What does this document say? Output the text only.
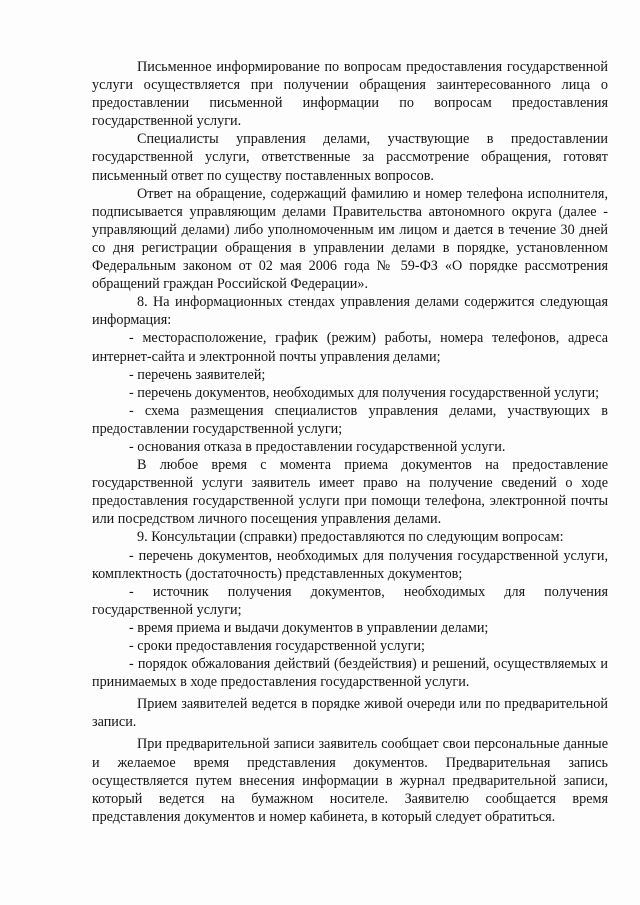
Письменное информирование по вопросам предоставления государственной услуги осуществляется при получении обращения заинтересованного лица о предоставлении письменной информации по вопросам предоставления государственной услуги.

Специалисты управления делами, участвующие в предоставлении государственной услуги, ответственные за рассмотрение обращения, готовят письменный ответ по существу поставленных вопросов.

Ответ на обращение, содержащий фамилию и номер телефона исполнителя, подписывается управляющим делами Правительства автономного округа (далее - управляющий делами) либо уполномоченным им лицом и дается в течение 30 дней со дня регистрации обращения в управлении делами в порядке, установленном Федеральным законом от 02 мая 2006 года № 59-ФЗ «О порядке рассмотрения обращений граждан Российской Федерации».

8. На информационных стендах управления делами содержится следующая информация:

- месторасположение, график (режим) работы, номера телефонов, адреса интернет-сайта и электронной почты управления делами;

- перечень заявителей;

- перечень документов, необходимых для получения государственной услуги;

- схема размещения специалистов управления делами, участвующих в предоставлении государственной услуги;

- основания отказа в предоставлении государственной услуги.

В любое время с момента приема документов на предоставление государственной услуги заявитель имеет право на получение сведений о ходе предоставления государственной услуги при помощи телефона, электронной почты или посредством личного посещения управления делами.

9. Консультации (справки) предоставляются по следующим вопросам:

- перечень документов, необходимых для получения государственной услуги, комплектность (достаточность) представленных документов;

- источник получения документов, необходимых для получения государственной услуги;

- время приема и выдачи документов в управлении делами;

- сроки предоставления государственной услуги;

- порядок обжалования действий (бездействия) и решений, осуществляемых и принимаемых в ходе предоставления государственной услуги.

Прием заявителей ведется в порядке живой очереди или по предварительной записи.

При предварительной записи заявитель сообщает свои персональные данные и желаемое время представления документов. Предварительная запись осуществляется путем внесения информации в журнал предварительной записи, который ведется на бумажном носителе. Заявителю сообщается время представления документов и номер кабинета, в который следует обратиться.
